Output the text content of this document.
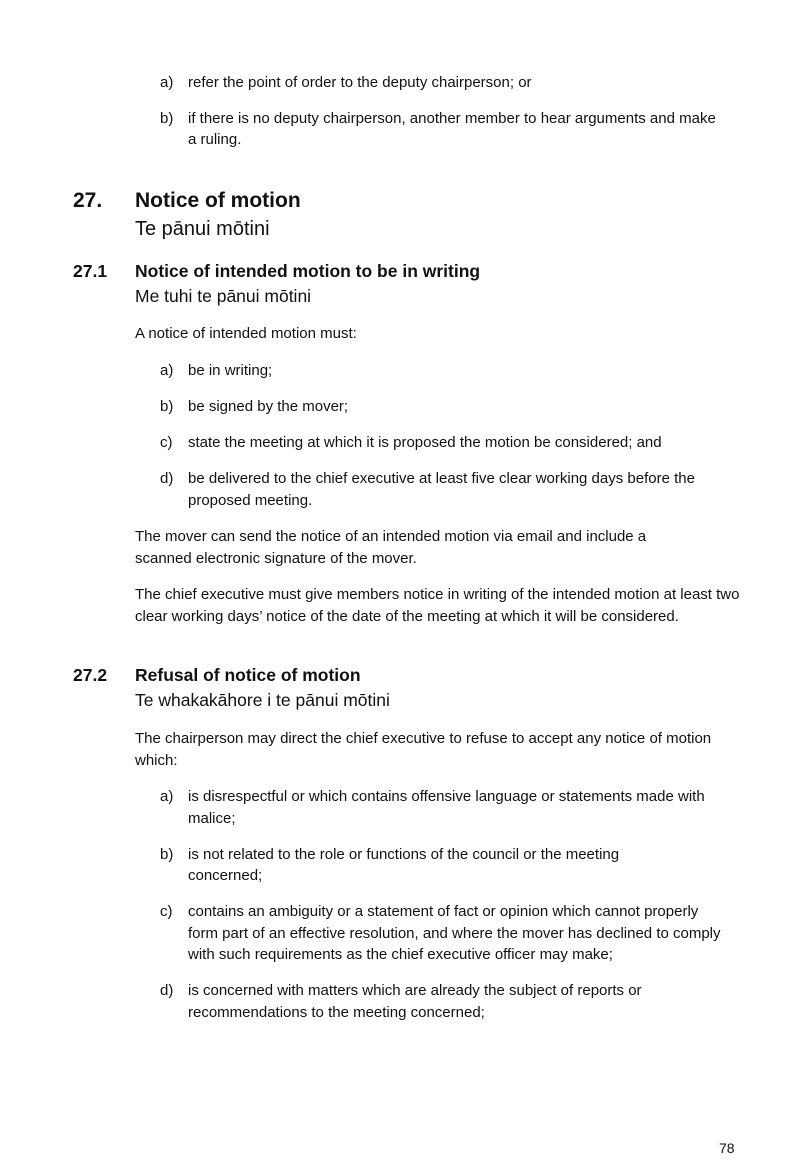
a) refer the point of order to the deputy chairperson; or
b) if there is no deputy chairperson, another member to hear arguments and make a ruling.
27. Notice of motion
Te pānui mōtini
27.1 Notice of intended motion to be in writing
Me tuhi te pānui mōtini

A notice of intended motion must:

a) be in writing;
b) be signed by the mover;
c)	state the meeting at which it is proposed the motion be considered; and
d) be delivered to the chief executive at least five clear working days before the proposed meeting.

The mover can send the notice of an intended motion via email and include a scanned electronic signature of the mover.

The chief executive must give members notice in writing of the intended motion at least two clear working days’ notice of the date of the meeting at which it will be considered.

27.2 Refusal of notice of motion
Te whakakāhore i te pānui mōtini

The chairperson may direct the chief executive to refuse to accept any notice of motion which:

a) is disrespectful or which contains offensive language or statements made with malice;
b) is not related to the role or functions of the council or the meeting concerned;
c)	contains an ambiguity or a statement of fact or opinion which cannot properly form part of an effective resolution, and where the mover has declined to comply with such requirements as the chief executive officer may make;
d) is concerned with matters which are already the subject of reports or recommendations to the meeting concerned;
78
